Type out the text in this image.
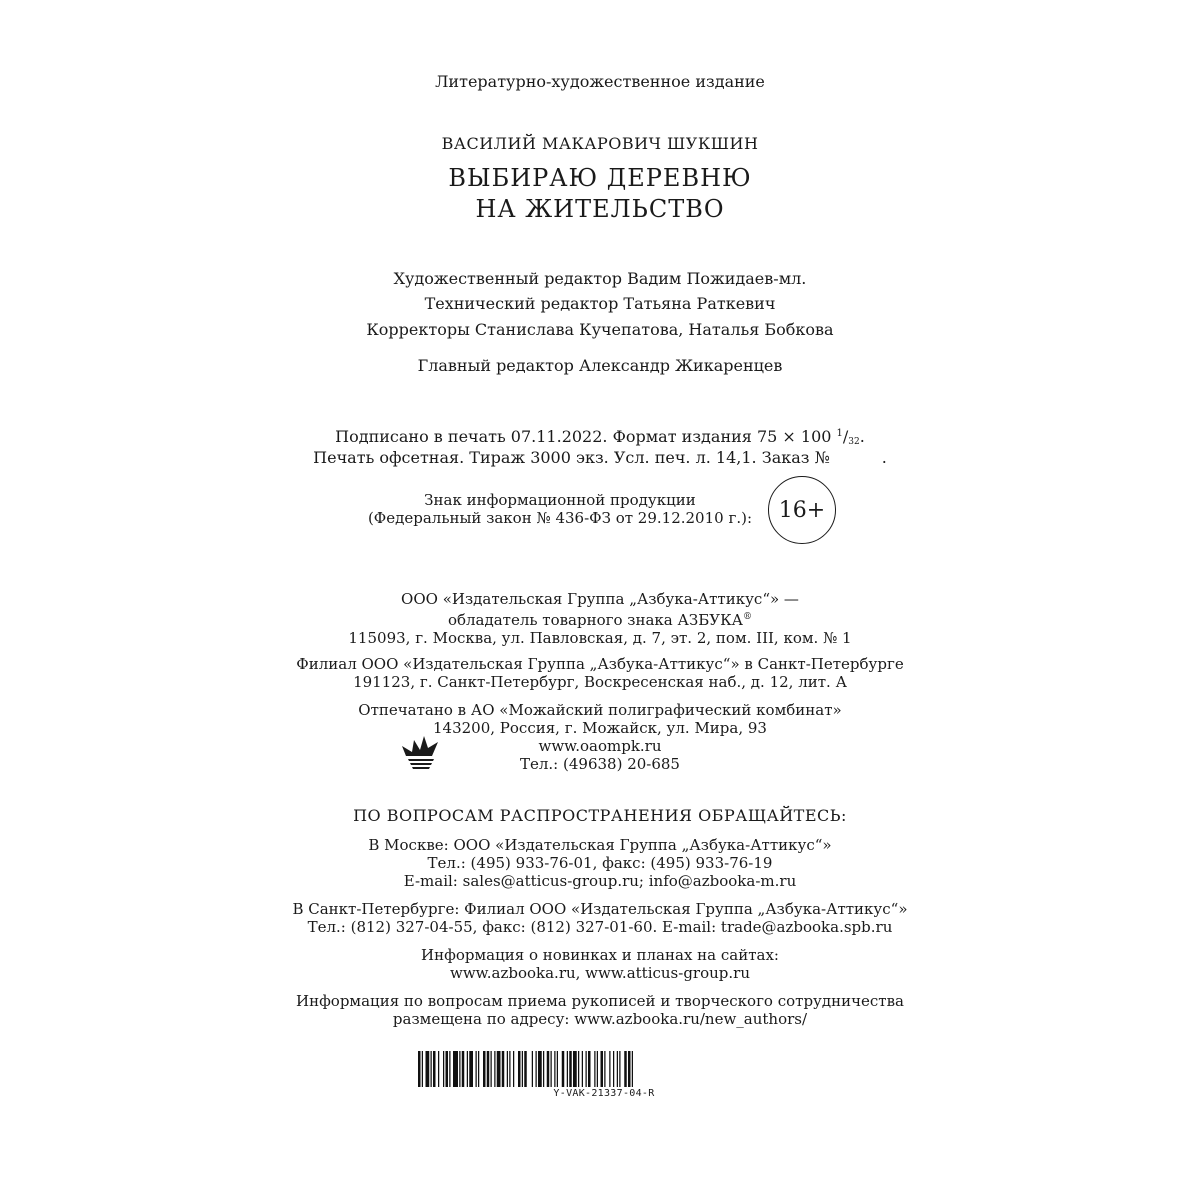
Литературно-художественное издание
ВАСИЛИЙ МАКАРОВИЧ ШУКШИН
ВЫБИРАЮ ДЕРЕВНЮ
НА ЖИТЕЛЬСТВО
Художественный редактор Вадим Пожидаев-мл.
Технический редактор Татьяна Раткевич
Корректоры Станислава Кучепатова, Наталья Бобкова
Главный редактор Александр Жикаренцев
Подписано в печать 07.11.2022. Формат издания 75 × 100 $^1/_{32}$.
Печать офсетная. Тираж 3000 экз. Усл. печ. л. 14,1. Заказ №	.
Знак информационной продукции
(Федеральный закон № 436-ФЗ от 29.12.2010 г.): 16+
ООО «Издательская Группа „Азбука-Аттикус“» —
обладатель товарного знака АЗБУКА®
115093, г. Москва, ул. Павловская, д. 7, эт. 2, пом. III, ком. № 1
Филиал ООО «Издательская Группа „Азбука-Аттикус“» в Санкт-Петербурге
191123, г. Санкт-Петербург, Воскресенская наб., д. 12, лит. А
Отпечатано в АО «Можайский полиграфический комбинат»
143200, Россия, г. Можайск, ул. Мира, 93
www.oaompk.ru
Тел.: (49638) 20-685
ПО ВОПРОСАМ РАСПРОСТРАНЕНИЯ ОБРАЩАЙТЕСЬ:
В Москве: ООО «Издательская Группа „Азбука-Аттикус“»
Тел.: (495) 933-76-01, факс: (495) 933-76-19
E-mail: sales@atticus-group.ru; info@azbooka-m.ru
В Санкт-Петербурге: Филиал ООО «Издательская Группа „Азбука-Аттикус“»
Тел.: (812) 327-04-55, факс: (812) 327-01-60. E-mail: trade@azbooka.spb.ru
Информация о новинках и планах на сайтах:
www.azbooka.ru, www.atticus-group.ru
Информация по вопросам приема рукописей и творческого сотрудничества
размещена по адресу: www.azbooka.ru/new_authors/
Y-VAK-21337-04-R
